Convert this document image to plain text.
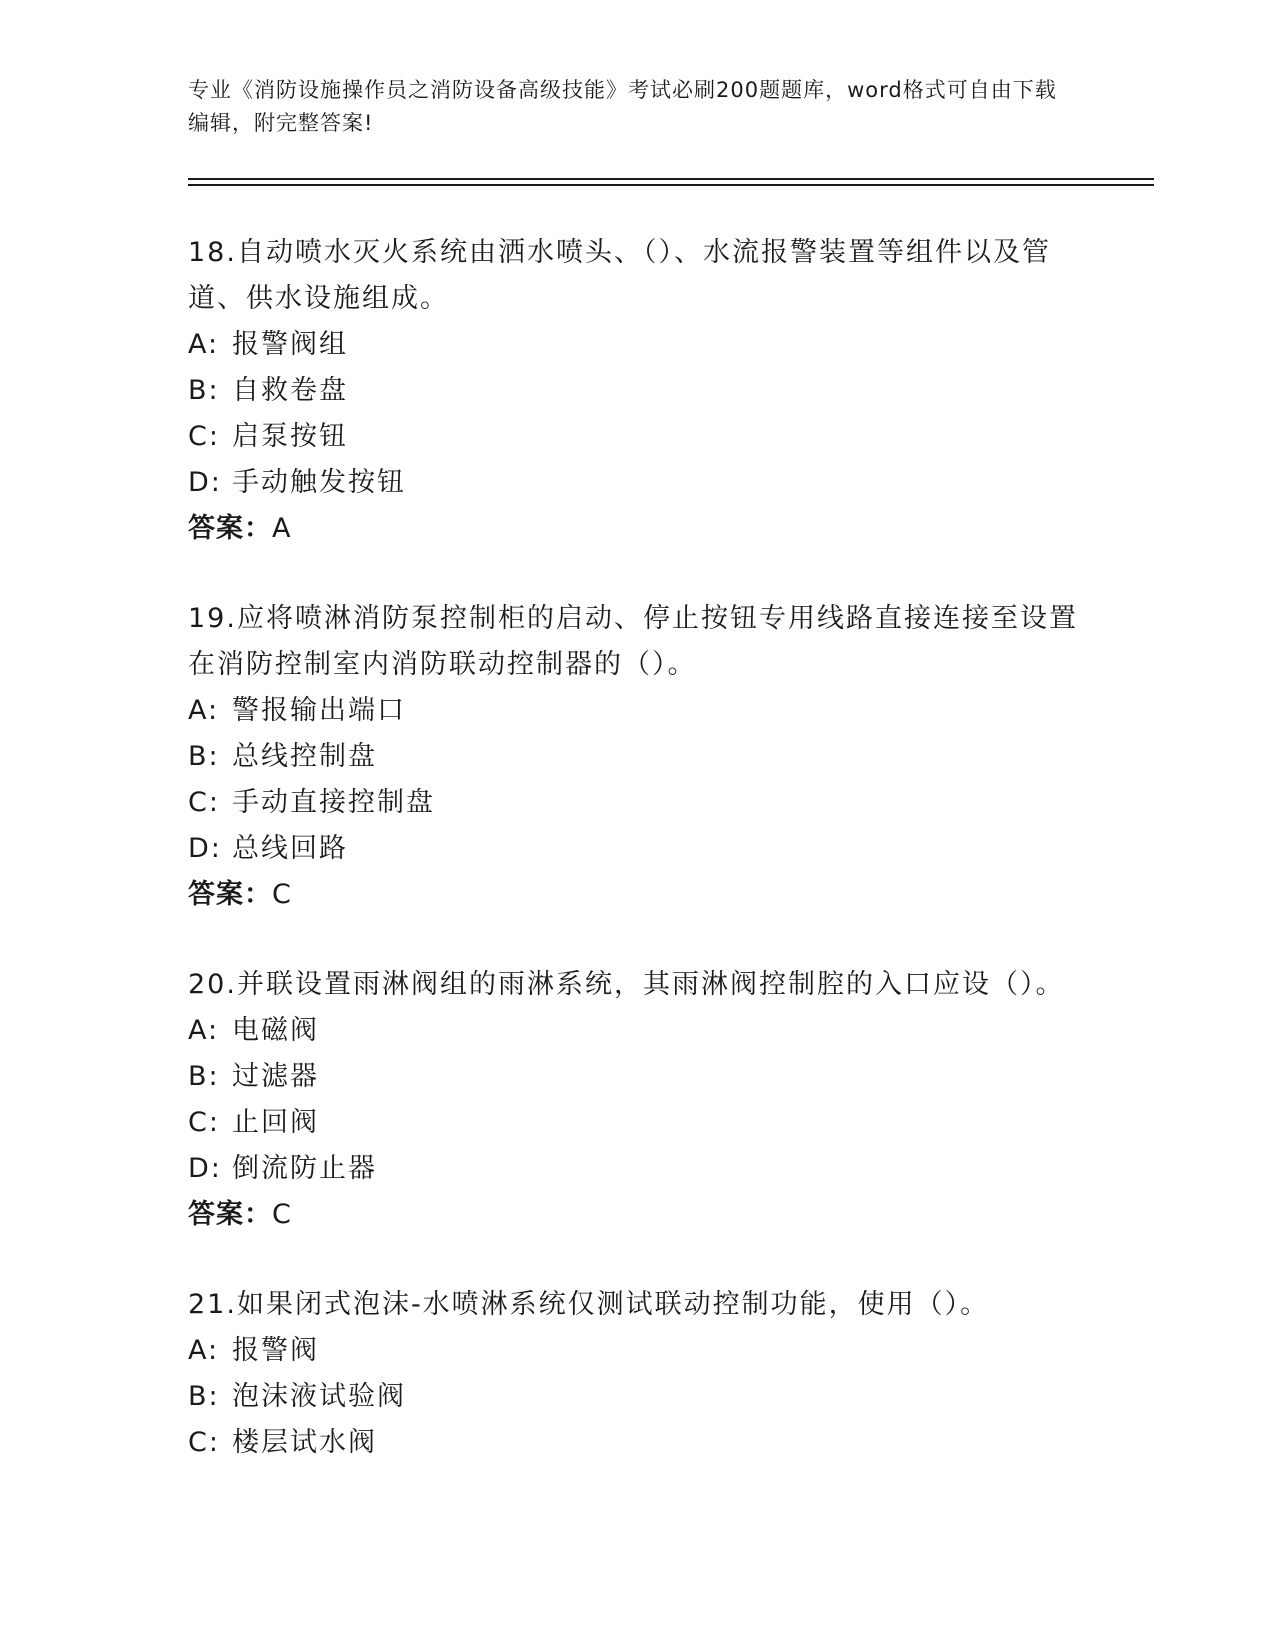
专业《消防设施操作员之消防设备高级技能》考试必刷200题题库，word格式可自由下载编辑，附完整答案!
18.自动喷水灭火系统由洒水喷头、（）、水流报警装置等组件以及管道、供水设施组成。
A: 报警阀组
B: 自救卷盘
C: 启泵按钮
D: 手动触发按钮
答案：A
19.应将喷淋消防泵控制柜的启动、停止按钮专用线路直接连接至设置在消防控制室内消防联动控制器的（）。
A: 警报输出端口
B: 总线控制盘
C: 手动直接控制盘
D: 总线回路
答案：C
20.并联设置雨淋阀组的雨淋系统，其雨淋阀控制腔的入口应设（）。
A: 电磁阀
B: 过滤器
C: 止回阀
D: 倒流防止器
答案：C
21.如果闭式泡沫-水喷淋系统仅测试联动控制功能，使用（）。
A: 报警阀
B: 泡沫液试验阀
C: 楼层试水阀
